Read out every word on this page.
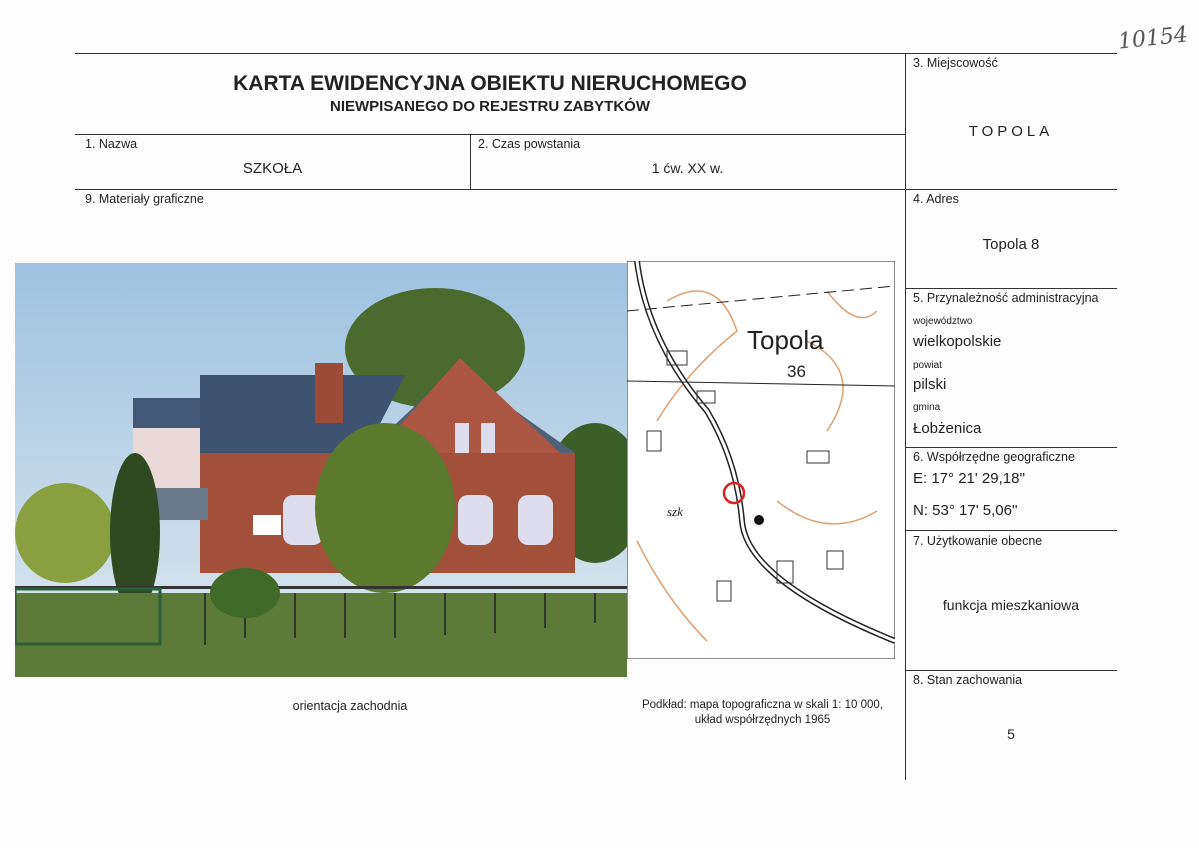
10154
KARTA EWIDENCYJNA OBIEKTU NIERUCHOMEGO
NIEWPISANEGO DO REJESTRU ZABYTKÓW
1. Nazwa
SZKOŁA
2. Czas powstania
1 ćw. XX w.
3. Miejscowość
TOPOLA
9. Materiały graficzne	4. Adres
Topola 8
5. Przynależność administracyjna
województwo
wielkopolskie
powiat
pilski
gmina
Łobżenica
6. Współrzędne geograficzne
E: 17° 21' 29,18''
N: 53° 17' 5,06''
7. Użytkowanie obecne
funkcja mieszkaniowa
8. Stan zachowania
5
Topola
36
szk
orientacja zachodnia	Podkład: mapa topograficzna w skali 1: 10 000,
układ współrzędnych 1965
